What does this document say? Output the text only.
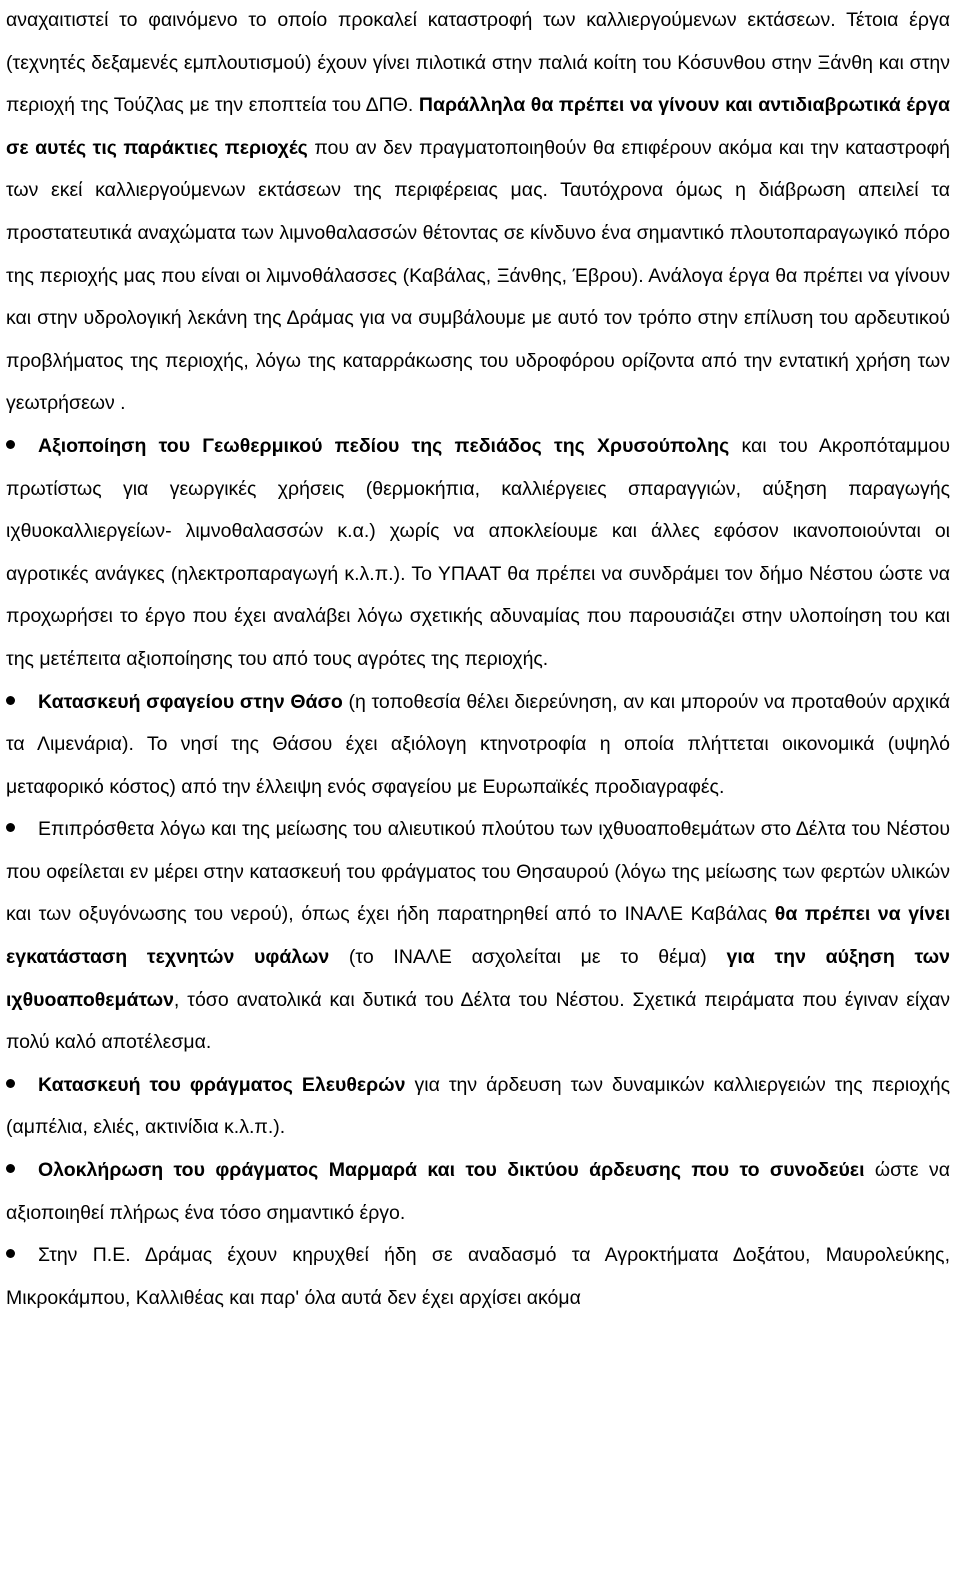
αναχαιτιστεί το φαινόμενο το οποίο προκαλεί καταστροφή των καλλιεργούμενων εκτάσεων. Τέτοια έργα (τεχνητές δεξαμενές εμπλουτισμού) έχουν γίνει πιλοτικά στην παλιά κοίτη του Κόσυνθου στην Ξάνθη και στην περιοχή της Τούζλας με την εποπτεία του ΔΠΘ. Παράλληλα θα πρέπει να γίνουν και αντιδιαβρωτικά έργα σε αυτές τις παράκτιες περιοχές που αν δεν πραγματοποιηθούν θα επιφέρουν ακόμα και την καταστροφή των εκεί καλλιεργούμενων εκτάσεων της περιφέρειας μας. Ταυτόχρονα όμως η διάβρωση απειλεί τα προστατευτικά αναχώματα των λιμνοθαλασσών θέτοντας σε κίνδυνο ένα σημαντικό πλουτοπαραγωγικό πόρο της περιοχής μας που είναι οι λιμνοθάλασσες (Καβάλας, Ξάνθης, Έβρου). Ανάλογα έργα θα πρέπει να γίνουν και στην υδρολογική λεκάνη της Δράμας για να συμβάλουμε με αυτό τον τρόπο στην επίλυση του αρδευτικού προβλήματος της περιοχής, λόγω της καταρράκωσης του υδροφόρου ορίζοντα από την εντατική χρήση των γεωτρήσεων .

Αξιοποίηση του Γεωθερμικού πεδίου της πεδιάδος της Χρυσούπολης και του Ακροπόταμμου πρωτίστως για γεωργικές χρήσεις (θερμοκήπια, καλλιέργειες σπαραγγιών, αύξηση παραγωγής ιχθυοκαλλιεργείων- λιμνοθαλασσών κ.α.) χωρίς να αποκλείουμε και άλλες εφόσον ικανοποιούνται οι αγροτικές ανάγκες (ηλεκτροπαραγωγή κ.λ.π.). Το ΥΠΑΑΤ θα πρέπει να συνδράμει τον δήμο Νέστου ώστε να προχωρήσει το έργο που έχει αναλάβει λόγω σχετικής αδυναμίας που παρουσιάζει στην υλοποίηση του και της μετέπειτα αξιοποίησης του από τους αγρότες της περιοχής.

Κατασκευή σφαγείου στην Θάσο (η τοποθεσία θέλει διερεύνηση, αν και μπορούν να προταθούν αρχικά τα Λιμενάρια). Το νησί της Θάσου έχει αξιόλογη κτηνοτροφία η οποία πλήττεται οικονομικά (υψηλό μεταφορικό κόστος) από την έλλειψη ενός σφαγείου με Ευρωπαϊκές προδιαγραφές.

Επιπρόσθετα λόγω και της μείωσης του αλιευτικού πλούτου των ιχθυοαποθεμάτων στο Δέλτα του Νέστου που οφείλεται εν μέρει στην κατασκευή του φράγματος του Θησαυρού (λόγω της μείωσης των φερτών υλικών και των οξυγόνωσης του νερού), όπως έχει ήδη παρατηρηθεί από το ΙΝΑΛΕ Καβάλας θα πρέπει να γίνει εγκατάσταση τεχνητών υφάλων (το ΙΝΑΛΕ ασχολείται με το θέμα) για την αύξηση των ιχθυοαποθεμάτων, τόσο ανατολικά και δυτικά του Δέλτα του Νέστου. Σχετικά πειράματα που έγιναν είχαν πολύ καλό αποτέλεσμα.

Κατασκευή του φράγματος Ελευθερών για την άρδευση των δυναμικών καλλιεργειών της περιοχής (αμπέλια, ελιές, ακτινίδια κ.λ.π.).

Ολοκλήρωση του φράγματος Μαρμαρά και του δικτύου άρδευσης που το συνοδεύει ώστε να αξιοποιηθεί πλήρως ένα τόσο σημαντικό έργο.

Στην Π.Ε. Δράμας έχουν κηρυχθεί ήδη σε αναδασμό τα Αγροκτήματα Δοξάτου, Μαυρολεύκης, Μικροκάμπου, Καλλιθέας και παρ' όλα αυτά δεν έχει αρχίσει ακόμα
